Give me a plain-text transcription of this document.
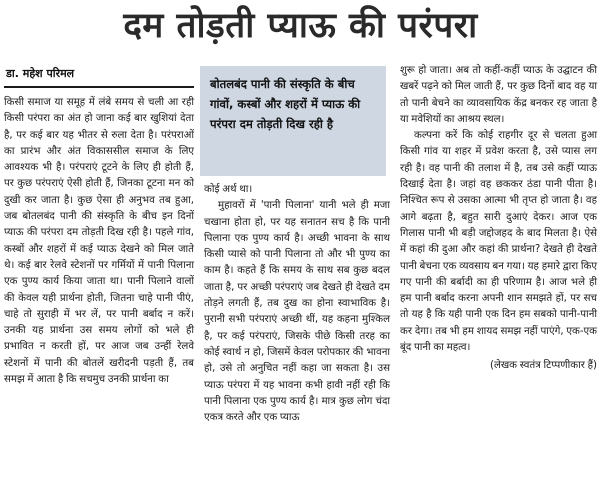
दम तोड़ती प्याऊ की परंपरा
डा. महेश परिमल
बोतलबंद पानी की संस्कृति के बीच गांवों, कस्बों और शहरों में प्याऊ की परंपरा दम तोड़ती दिख रही है

किसी समाज या समूह में लंबे समय से चली आ रही किसी परंपरा का अंत हो जाना कई बार खुशियां देता है, पर कई बार यह भीतर से रुला देता है। परंपराओं का प्रारंभ और अंत विकाससील समाज के लिए आवश्यक भी है। परंपराएं टूटने के लिए ही होती हैं, पर कुछ परंपराएं ऐसी होती हैं, जिनका टूटना मन को दुखी कर जाता है। कुछ ऐसा ही अनुभव तब हुआ, जब बोतलबंद पानी की संस्कृति के बीच इन दिनों प्याऊ की परंपरा दम तोड़ती दिख रही है। पहले गांव, कस्बों और शहरों में कई प्याऊ देखने को मिल जाते थे। कई बार रेलवे स्टेशनों पर गर्मियों में पानी पिलाना एक पुण्य कार्य किया जाता था। पानी पिलाने वालों की केवल यही प्रार्थना होती, जितना चाहे पानी पीएं, चाहे तो सुराही में भर लें, पर पानी बर्बाद न करें। उनकी यह प्रार्थना उस समय लोगों को भले ही प्रभावित न करती हों, पर आज जब उन्हीं रेलवे स्टेशनों में पानी की बोतलें खरीदनी पड़ती हैं, तब समझ में आता है कि सचमुच उनकी प्रार्थना का

कोई अर्थ था।

मुहावरों में 'पानी पिलाना' यानी भले ही मजा चखाना होता हो, पर यह सनातन सच है कि पानी पिलाना एक पुण्य कार्य है। अच्छी भावना के साथ किसी प्यासे को पानी पिलाना तो और भी पुण्य का काम है। कहते हैं कि समय के साथ सब कुछ बदल जाता है, पर अच्छी परंपराएं जब देखते ही देखते दम तोड़ने लगती हैं, तब दुख का होना स्वाभाविक है। पुरानी सभी परंपराएं अच्छी थीं, यह कहना मुश्किल है, पर कई परंपराएं, जिसके पीछे किसी तरह का कोई स्वार्थ न हो, जिसमें केवल परोपकार की भावना हो, उसे तो अनुचित नहीं कहा जा सकता है। उस प्याऊ परंपरा में यह भावना कभी हावी नहीं रही कि पानी पिलाना एक पुण्य कार्य है। मात्र कुछ लोग चंदा एकत्र करते और एक प्याऊ

शुरू हो जाता। अब तो कहीं-कहीं प्याऊ के उद्घाटन की खबरें पढ़ने को मिल जाती हैं, पर कुछ दिनों बाद वह या तो पानी बेचने का व्यावसायिक केंद्र बनकर रह जाता है या मवेशियों का आश्रय स्थल।

कल्पना करें कि कोई राहगीर दूर से चलता हुआ किसी गांव या शहर में प्रवेश करता है, उसे प्यास लग रही है। वह पानी की तलाश में है, तब उसे कहीं प्याऊ दिखाई देता है। जहां वह छककर ठंडा पानी पीता है। निश्चित रूप से उसका आत्मा भी तृप्त हो जाता है। वह आगे बढ़ता है, बहुत सारी दुआएं देकर। आज एक गिलास पानी भी बड़ी जद्दोजहद के बाद मिलता है। ऐसे में कहां की दुआ और कहां की प्रार्थना? देखते ही देखते पानी बेचना एक व्यवसाय बन गया। यह हमारे द्वारा किए गए पानी की बर्बादी का ही परिणाम है। आज भले ही हम पानी बर्बाद करना अपनी शान समझते हों, पर सच तो यह है कि यही पानी एक दिन हम सबको पानी-पानी कर देगा। तब भी हम शायद समझ नहीं पाएंगे, एक-एक बूंद पानी का महत्व।

(लेखक स्वतंत्र टिप्पणीकार हैं)
